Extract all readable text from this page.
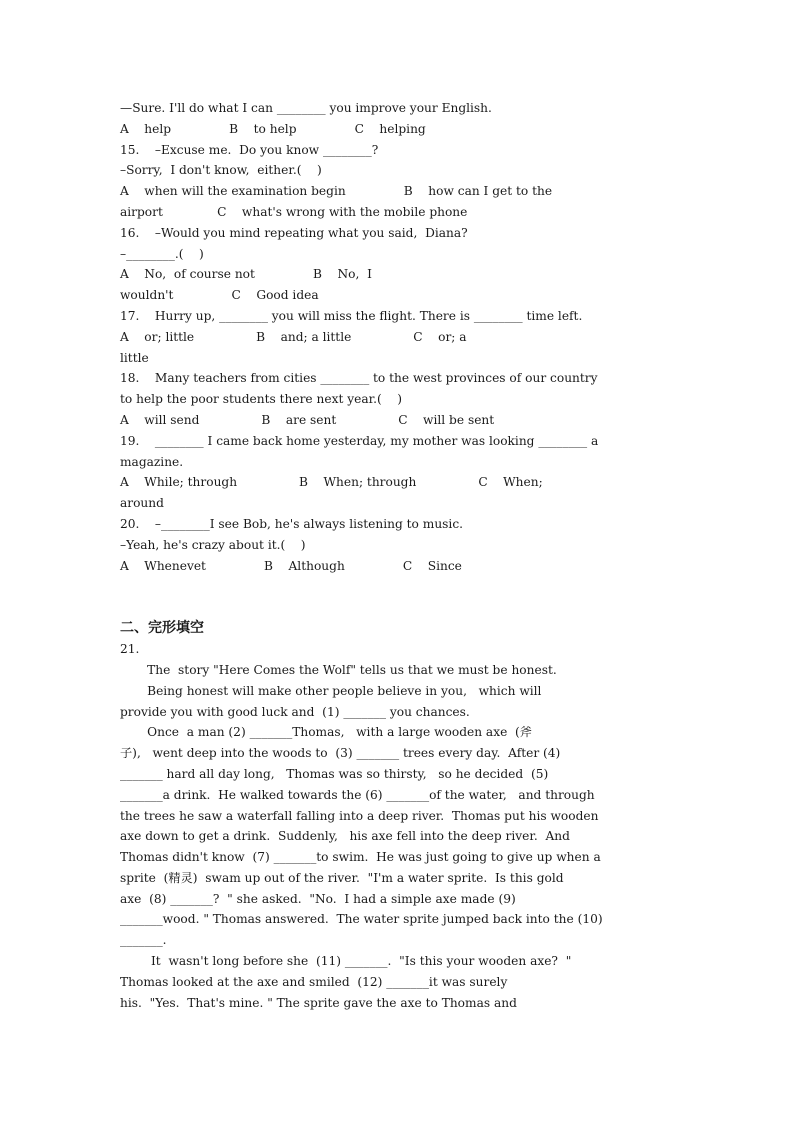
—Sure. I'll do what I can ________ you improve your English.
A    help               B    to help               C    helping
15.    –Excuse me.  Do you know ________?
–Sorry,  I don't know,  either.(    )
A    when will the examination begin               B    how can I get to the
airport              C    what's wrong with the mobile phone
16.    –Would you mind repeating what you said,  Diana?
–________.(    )
A    No,  of course not               B    No,  I
wouldn't               C    Good idea
17.    Hurry up, ________ you will miss the flight. There is ________ time left.
A    or; little                B    and; a little                C    or; a
little
18.    Many teachers from cities ________ to the west provinces of our country
to help the poor students there next year.(    )
A    will send                B    are sent                C    will be sent
19.    ________ I came back home yesterday, my mother was looking ________ a
magazine.
A    While; through                B    When; through                C    When;
around
20.    –________I see Bob, he's always listening to music.
–Yeah, he's crazy about it.(    )
A    Whenevet               B    Although               C    Since
二、完形填空
21.
The  story "Here Comes the Wolf" tells us that we must be honest.
Being honest will make other people believe in you,   which will
provide you with good luck and  (1) _______ you chances.
Once  a man (2) _______Thomas,   with a large wooden axe  (斧
子),   went deep into the woods to  (3) _______ trees every day.  After (4)
_______ hard all day long,   Thomas was so thirsty,   so he decided  (5)
_______a drink.  He walked towards the (6) _______of the water,   and through
the trees he saw a waterfall falling into a deep river.  Thomas put his wooden
axe down to get a drink.  Suddenly,   his axe fell into the deep river.  And
Thomas didn't know  (7) _______to swim.  He was just going to give up when a
sprite  (精灵)  swam up out of the river.  "I'm a water sprite.  Is this gold
axe  (8) _______?  " she asked.  "No.  I had a simple axe made (9)
_______wood. " Thomas answered.  The water sprite jumped back into the (10)
_______.
It  wasn't long before she  (11) _______.  "Is this your wooden axe?  "
Thomas looked at the axe and smiled  (12) _______it was surely
his.  "Yes.  That's mine. " The sprite gave the axe to Thomas and
